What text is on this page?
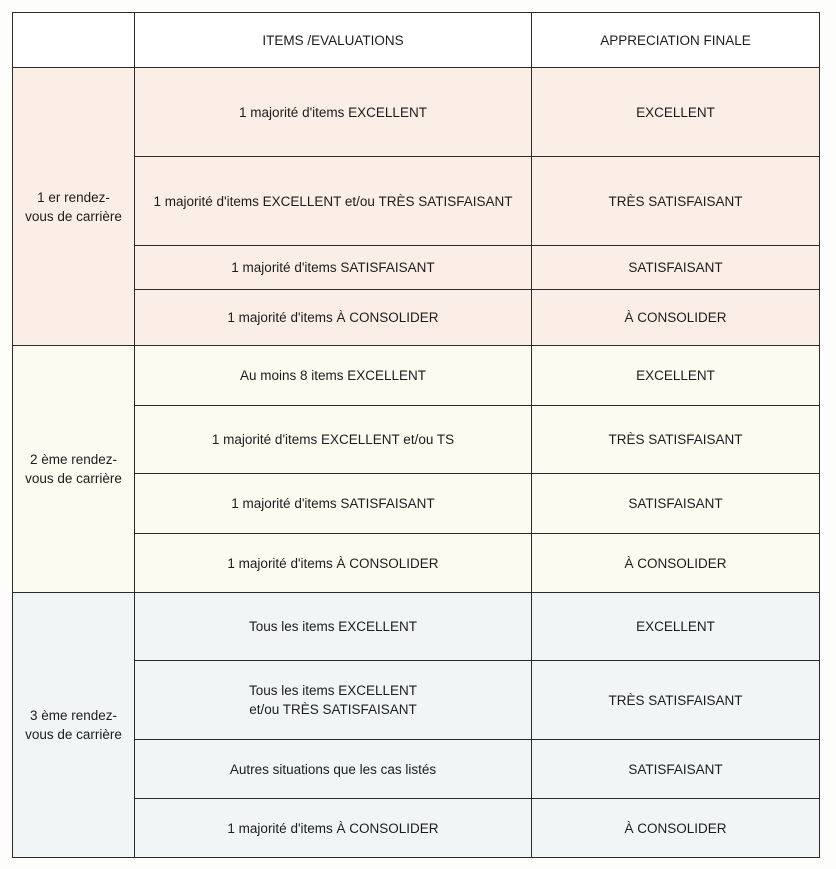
	ITEMS /EVALUATIONS	APPRECIATION FINALE

1 er rendez-
vous de carrière	1 majorité d'items EXCELLENT	EXCELLENT
	1 majorité d'items EXCELLENT et/ou TRÈS SATISFAISANT	TRÈS SATISFAISANT
	1 majorité d'items SATISFAISANT	SATISFAISANT
	1 majorité d'items À CONSOLIDER	À CONSOLIDER

2 ème rendez-
vous de carrière	Au moins 8 items EXCELLENT	EXCELLENT
	1 majorité d'items EXCELLENT et/ou TS	TRÈS SATISFAISANT
	1 majorité d'items SATISFAISANT	SATISFAISANT
	1 majorité d'items À CONSOLIDER	À CONSOLIDER

3 ème rendez-
vous de carrière	Tous les items EXCELLENT	EXCELLENT

	Tous les items EXCELLENT
et/ou TRÈS SATISFAISANT	TRÈS SATISFAISANT
	Autres situations que les cas listés	SATISFAISANT
	1 majorité d'items À CONSOLIDER	À CONSOLIDER
